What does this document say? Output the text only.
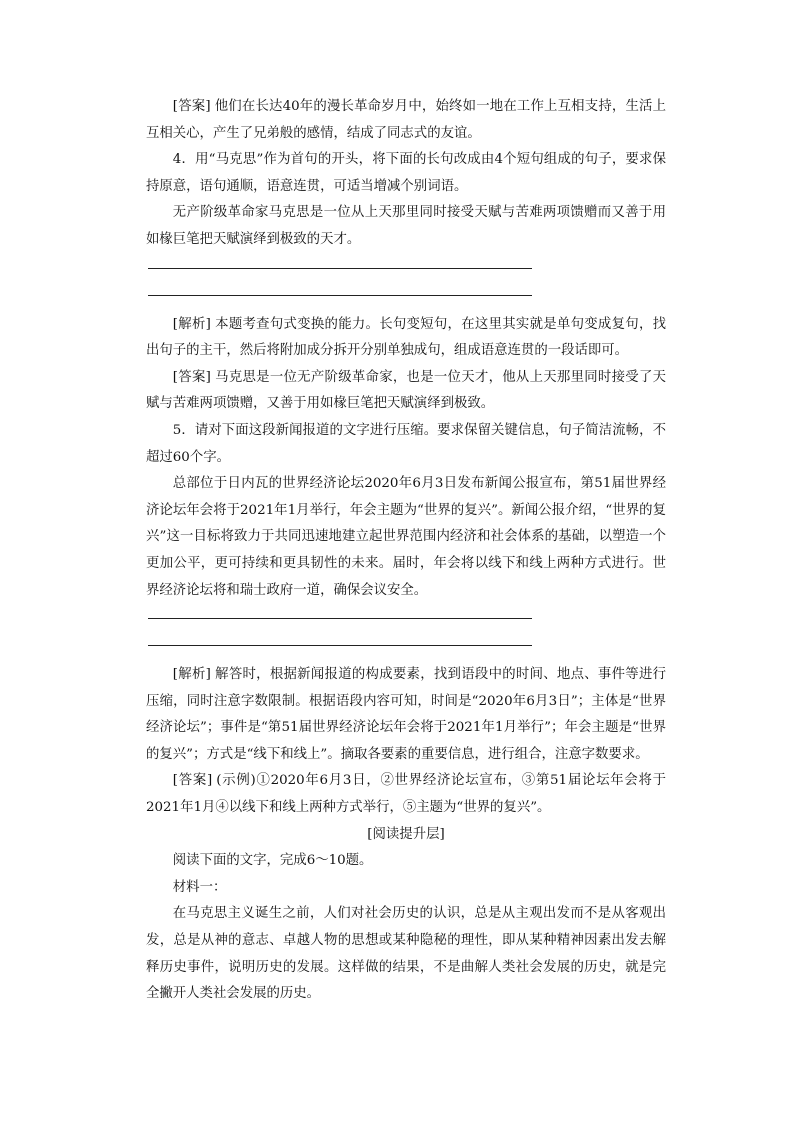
[答案] 他们在长达40年的漫长革命岁月中，始终如一地在工作上互相支持，生活上互相关心，产生了兄弟般的感情，结成了同志式的友谊。

4．用“马克思”作为首句的开头，将下面的长句改成由4个短句组成的句子，要求保持原意，语句通顺，语意连贯，可适当增减个别词语。

无产阶级革命家马克思是一位从上天那里同时接受天赋与苦难两项馈赠而又善于用如椽巨笔把天赋演绎到极致的天才。

[解析] 本题考查句式变换的能力。长句变短句，在这里其实就是单句变成复句，找出句子的主干，然后将附加成分拆开分别单独成句，组成语意连贯的一段话即可。

[答案] 马克思是一位无产阶级革命家，也是一位天才，他从上天那里同时接受了天赋与苦难两项馈赠，又善于用如椽巨笔把天赋演绎到极致。

5．请对下面这段新闻报道的文字进行压缩。要求保留关键信息，句子简洁流畅，不超过60个字。

总部位于日内瓦的世界经济论坛2020年6月3日发布新闻公报宣布，第51届世界经济论坛年会将于2021年1月举行，年会主题为“世界的复兴”。新闻公报介绍，“世界的复兴”这一目标将致力于共同迅速地建立起世界范围内经济和社会体系的基础，以塑造一个更加公平，更可持续和更具韧性的未来。届时，年会将以线下和线上两种方式进行。世界经济论坛将和瑞士政府一道，确保会议安全。

[解析] 解答时，根据新闻报道的构成要素，找到语段中的时间、地点、事件等进行压缩，同时注意字数限制。根据语段内容可知，时间是“2020年6月3日”；主体是“世界经济论坛”；事件是“第51届世界经济论坛年会将于2021年1月举行”；年会主题是“世界的复兴”；方式是“线下和线上”。摘取各要素的重要信息，进行组合，注意字数要求。

[答案] (示例)①2020年6月3日，②世界经济论坛宣布，③第51届论坛年会将于2021年1月④以线下和线上两种方式举行，⑤主题为“世界的复兴”。

[阅读提升层]

阅读下面的文字，完成6～10题。

材料一：

在马克思主义诞生之前，人们对社会历史的认识，总是从主观出发而不是从客观出发，总是从神的意志、卓越人物的思想或某种隐秘的理性，即从某种精神因素出发去解释历史事件，说明历史的发展。这样做的结果，不是曲解人类社会发展的历史，就是完全撇开人类社会发展的历史。
